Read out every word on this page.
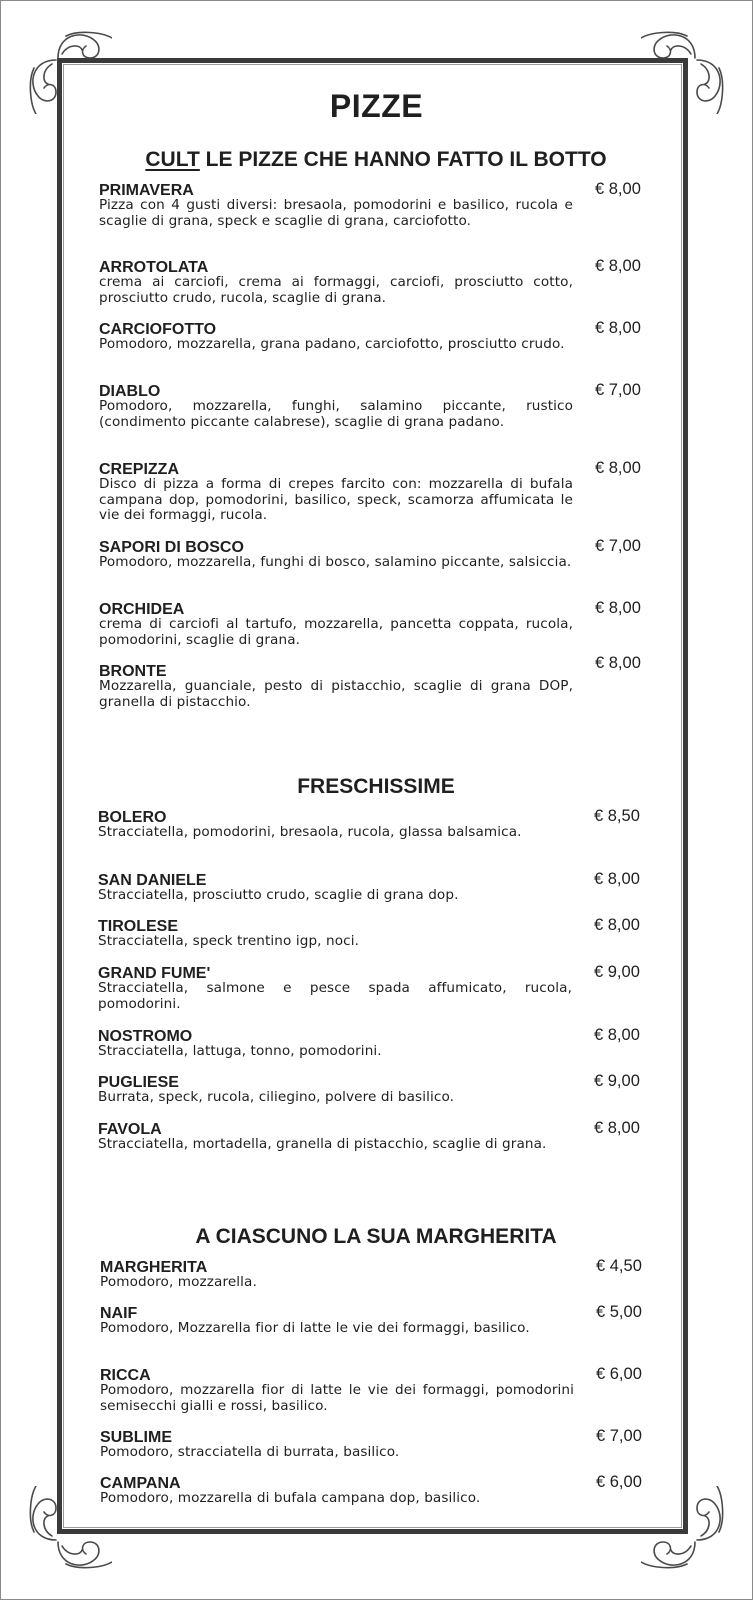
PIZZE
CULT LE PIZZE CHE HANNO FATTO IL BOTTO
PRIMAVERA
Pizza con 4 gusti diversi: bresaola, pomodorini e basilico, rucola e scaglie di grana, speck e scaglie di grana, carciofotto.
€ 8,00
ARROTOLATA
crema ai carciofi, crema ai formaggi, carciofi, prosciutto cotto, prosciutto crudo, rucola, scaglie di grana.
€ 8,00
CARCIOFOTTO
Pomodoro, mozzarella, grana padano, carciofotto, prosciutto crudo.
€ 8,00
DIABLO
Pomodoro, mozzarella, funghi, salamino piccante, rustico (condimento piccante calabrese), scaglie di grana padano.
€ 7,00
CREPIZZA
Disco di pizza a forma di crepes farcito con: mozzarella di bufala campana dop, pomodorini, basilico, speck, scamorza affumicata le vie dei formaggi, rucola.
€ 8,00
SAPORI DI BOSCO
Pomodoro, mozzarella, funghi di bosco, salamino piccante, salsiccia.
€ 7,00
ORCHIDEA
crema di carciofi al tartufo, mozzarella, pancetta coppata, rucola, pomodorini, scaglie di grana.
€ 8,00
BRONTE
Mozzarella, guanciale, pesto di pistacchio, scaglie di grana DOP, granella di pistacchio.
€ 8,00
FRESCHISSIME
BOLERO
Stracciatella, pomodorini, bresaola, rucola, glassa balsamica.
€ 8,50
SAN DANIELE
Stracciatella, prosciutto crudo, scaglie di grana dop.
€ 8,00
TIROLESE
Stracciatella, speck trentino igp, noci.
€ 8,00
GRAND FUME'
Stracciatella, salmone e pesce spada affumicato, rucola, pomodorini.
€ 9,00
NOSTROMO
Stracciatella, lattuga, tonno, pomodorini.
€ 8,00
PUGLIESE
Burrata, speck, rucola, ciliegino, polvere di basilico.
€ 9,00
FAVOLA
Stracciatella, mortadella, granella di pistacchio, scaglie di grana.
€ 8,00
A CIASCUNO LA SUA MARGHERITA
MARGHERITA
Pomodoro, mozzarella.
€ 4,50
NAIF
Pomodoro, Mozzarella fior di latte le vie dei formaggi, basilico.
€ 5,00
RICCA
Pomodoro, mozzarella fior di latte le vie dei formaggi, pomodorini semisecchi gialli e rossi, basilico.
€ 6,00
SUBLIME
Pomodoro, stracciatella di burrata, basilico.
€ 7,00
CAMPANA
Pomodoro, mozzarella di bufala campana dop, basilico.
€ 6,00
